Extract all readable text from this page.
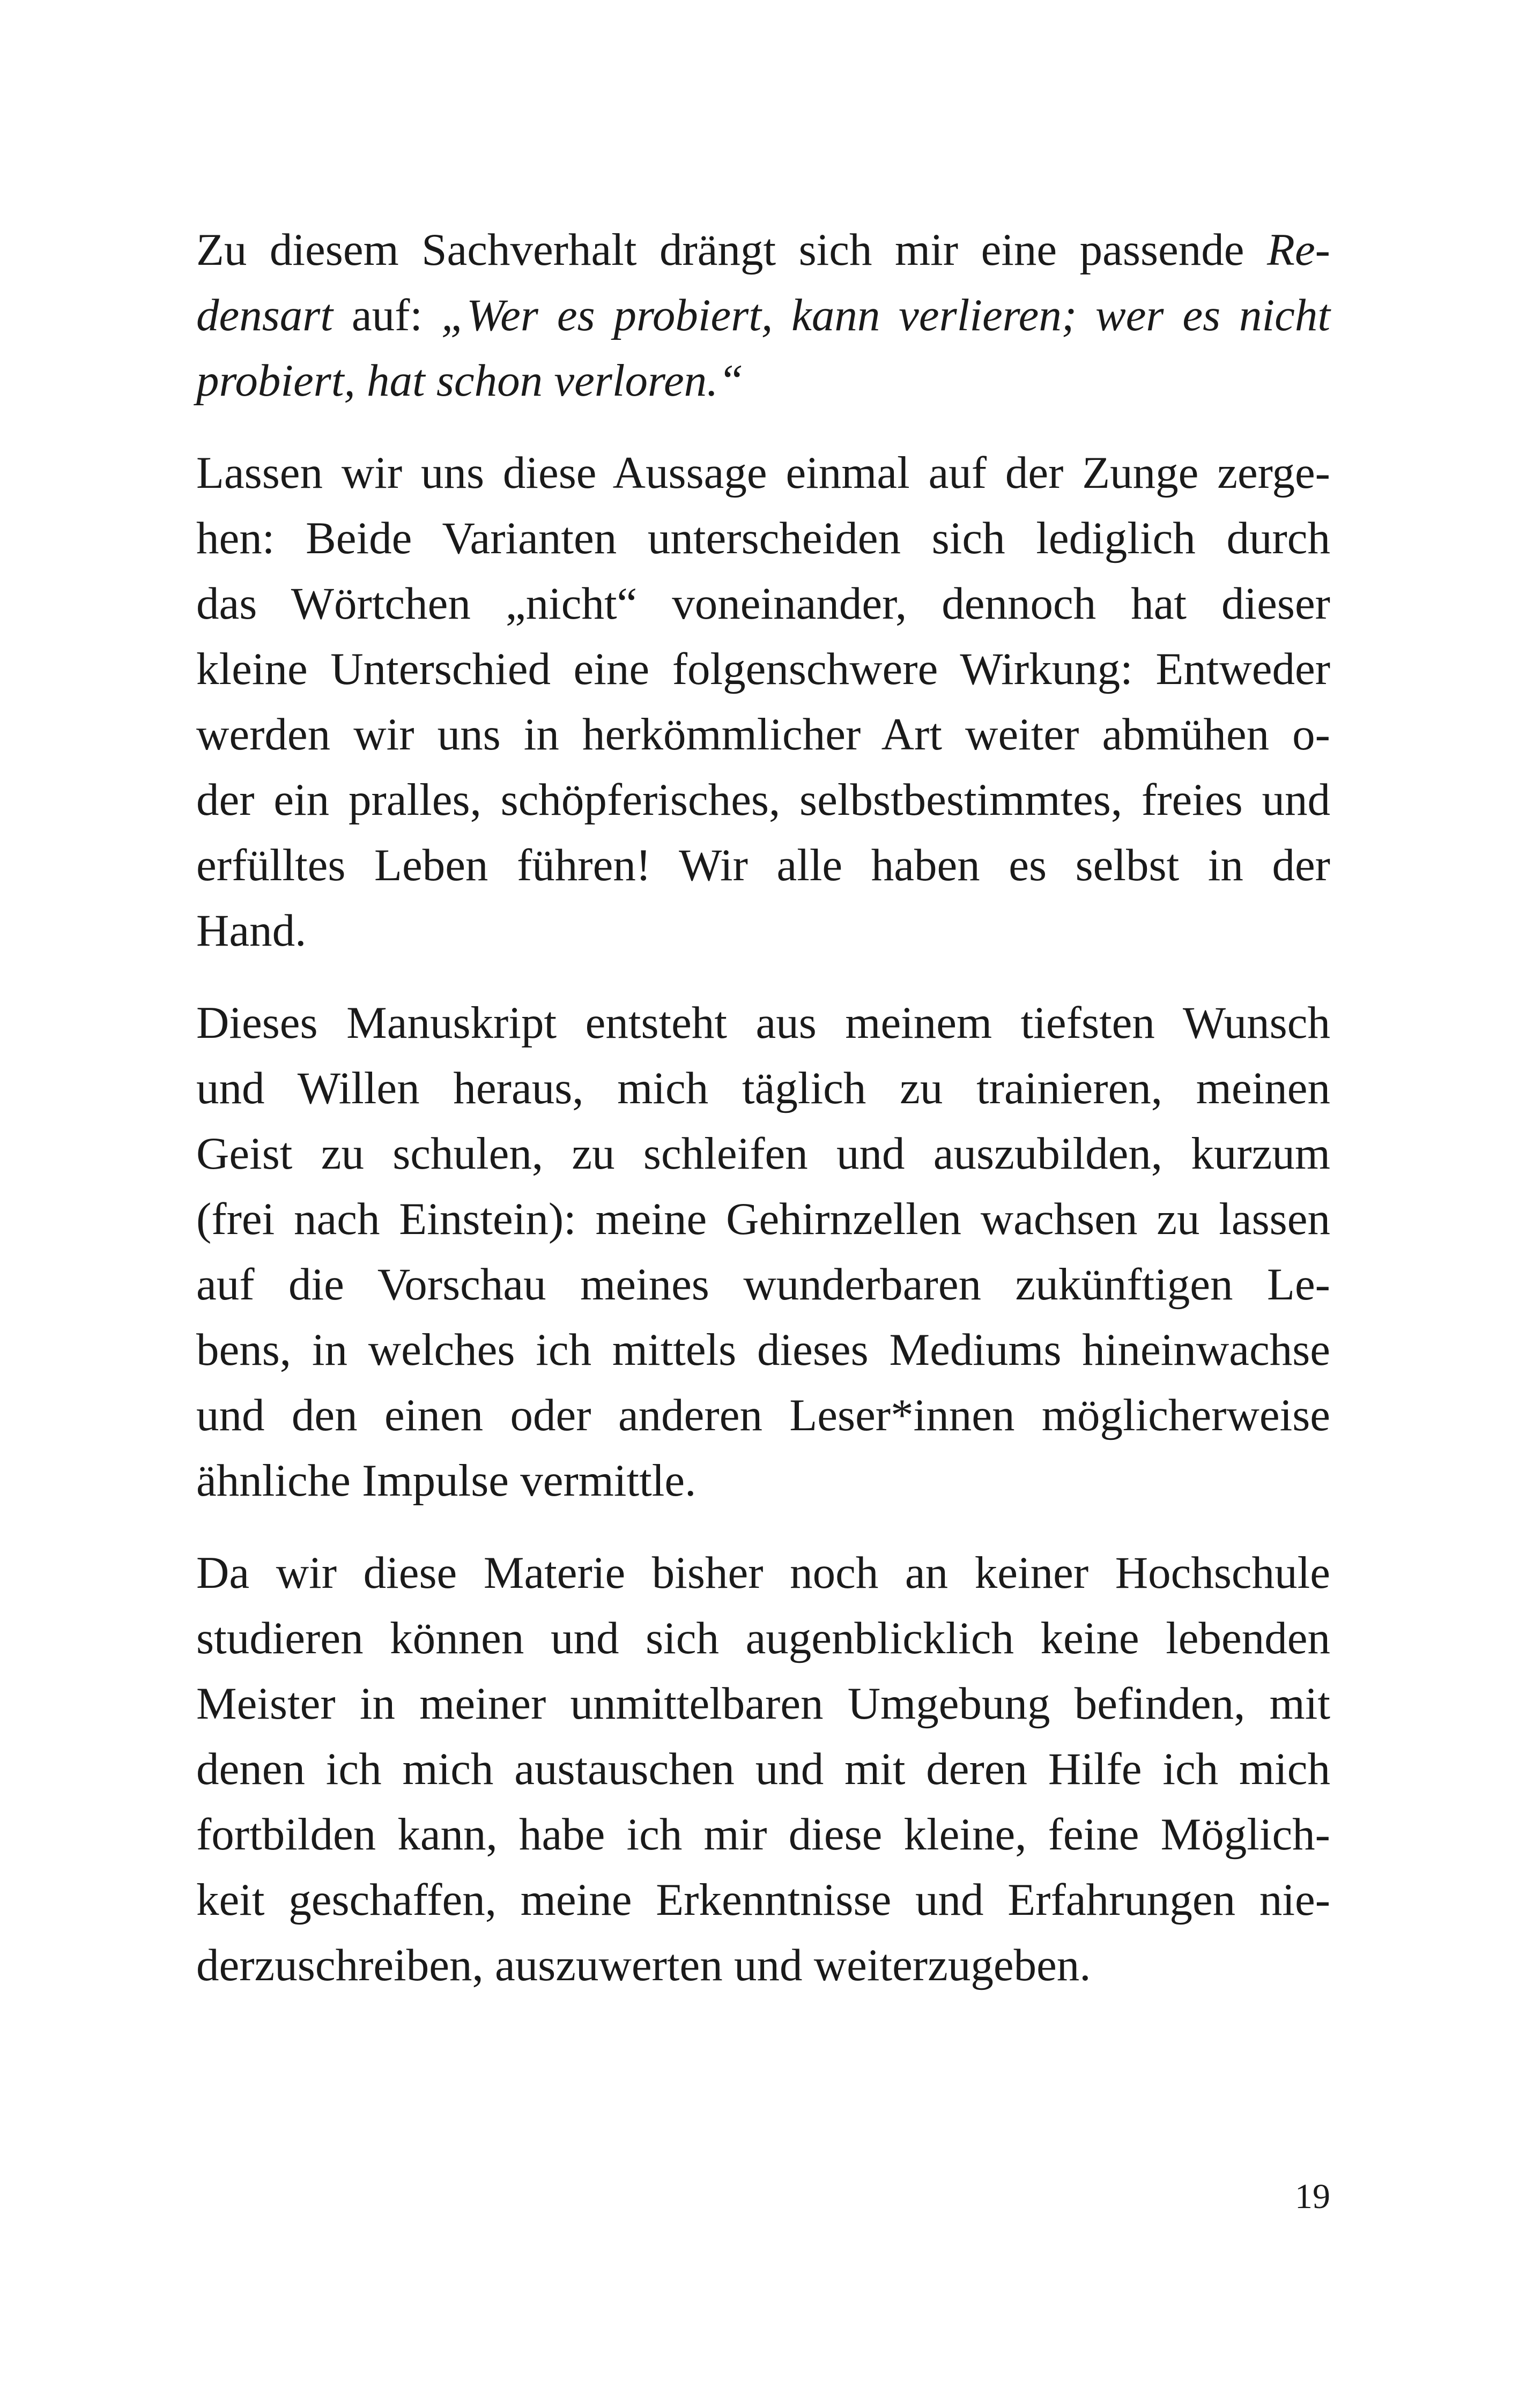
Zu diesem Sachverhalt drängt sich mir eine passende Re-
densart auf: „Wer es probiert, kann verlieren; wer es nicht
probiert, hat schon verloren.“
Lassen wir uns diese Aussage einmal auf der Zunge zerge-
hen: Beide Varianten unterscheiden sich lediglich durch
das Wörtchen „nicht“ voneinander, dennoch hat dieser
kleine Unterschied eine folgenschwere Wirkung: Entweder
werden wir uns in herkömmlicher Art weiter abmühen o-
der ein pralles, schöpferisches, selbstbestimmtes, freies und
erfülltes Leben führen! Wir alle haben es selbst in der
Hand.
Dieses Manuskript entsteht aus meinem tiefsten Wunsch
und Willen heraus, mich täglich zu trainieren, meinen
Geist zu schulen, zu schleifen und auszubilden, kurzum
(frei nach Einstein): meine Gehirnzellen wachsen zu lassen
auf die Vorschau meines wunderbaren zukünftigen Le-
bens, in welches ich mittels dieses Mediums hineinwachse
und den einen oder anderen Leser*innen möglicherweise
ähnliche Impulse vermittle.
Da wir diese Materie bisher noch an keiner Hochschule
studieren können und sich augenblicklich keine lebenden
Meister in meiner unmittelbaren Umgebung befinden, mit
denen ich mich austauschen und mit deren Hilfe ich mich
fortbilden kann, habe ich mir diese kleine, feine Möglich-
keit geschaffen, meine Erkenntnisse und Erfahrungen nie-
derzuschreiben, auszuwerten und weiterzugeben.
19
